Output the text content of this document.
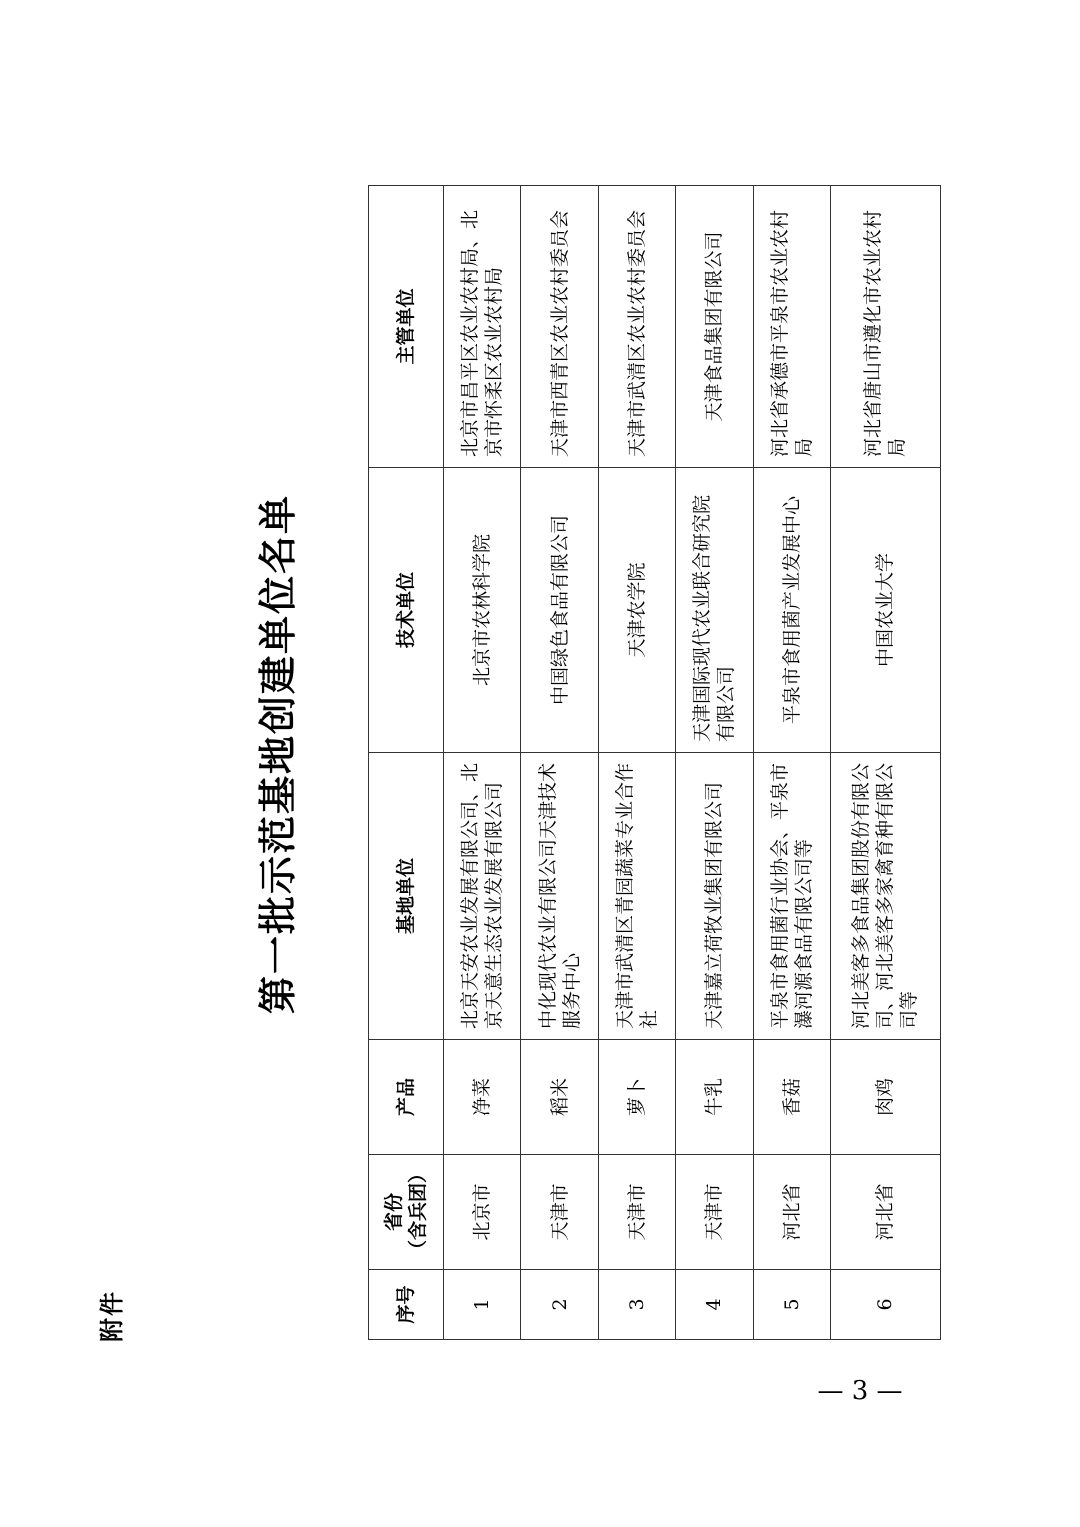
附件
第一批示范基地创建单位名单
序号	省份 （含兵团）	产品	基地单位	技术单位	主管单位
1	北京市	净菜	北京天安农业发展有限公司、北京天意生态农业发展有限公司	北京市农林科学院	北京市昌平区农业农村局、北京市怀柔区农业农村局
2	天津市	稻米	中化现代农业有限公司天津技术服务中心	中国绿色食品有限公司	天津市西青区农业农村委员会
3	天津市	萝卜	天津市武清区青园蔬菜专业合作社	天津农学院	天津市武清区农业农村委员会
4	天津市	牛乳	天津嘉立荷牧业集团有限公司	天津国际现代农业联合研究院有限公司	天津食品集团有限公司
5	河北省	香菇	平泉市食用菌行业协会、平泉市瀑河源食品有限公司等	平泉市食用菌产业发展中心	河北省承德市平泉市农业农村局
6	河北省	肉鸡	河北美客多食品集团股份有限公司、河北美客多家禽育种有限公司等	中国农业大学	河北省唐山市遵化市农业农村局
— 3 —
